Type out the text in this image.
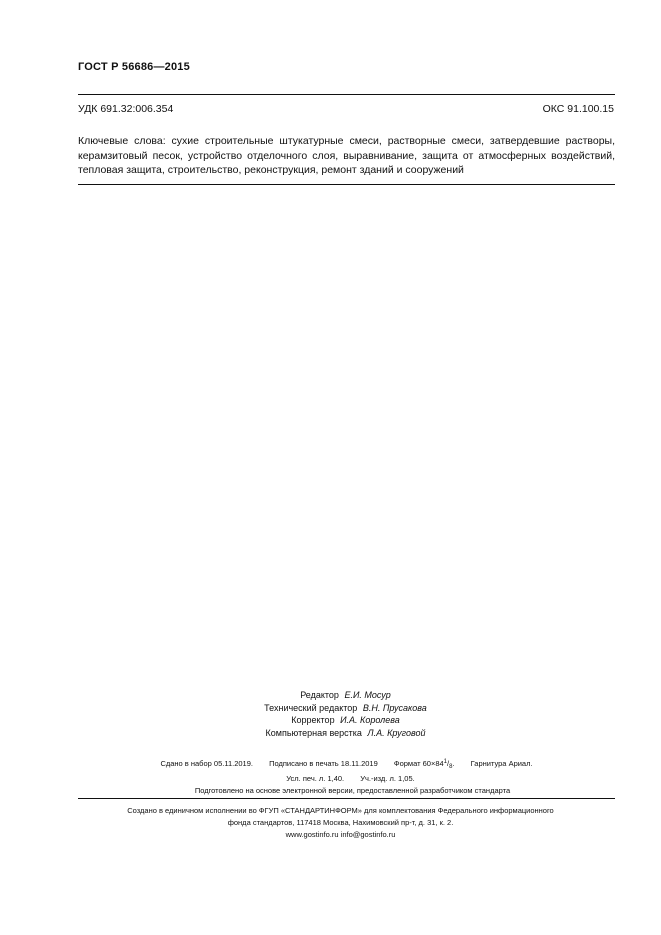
ГОСТ Р 56686—2015
УДК 691.32:006.354	ОКС 91.100.15
Ключевые слова: сухие строительные штукатурные смеси, растворные смеси, затвердевшие растворы, керамзитовый песок, устройство отделочного слоя, выравнивание, защита от атмосферных воздействий, тепловая защита, строительство, реконструкция, ремонт зданий и сооружений
Редактор Е.И. Мосур
Технический редактор В.Н. Прусакова
Корректор И.А. Королева
Компьютерная верстка Л.А. Круговой
Сдано в набор 05.11.2019. Подписано в печать 18.11.2019 Формат $60\times 84^1/_8$. Гарнитура Ариал.
Усл. печ. л. 1,40. Уч.-изд. л. 1,05.
Подготовлено на основе электронной версии, предоставленной разработчиком стандарта
Создано в единичном исполнении во ФГУП «СТАНДАРТИНФОРМ» для комплектования Федерального информационного
фонда стандартов, 117418 Москва, Нахимовский пр-т, д. 31, к. 2.
www.gostinfo.ru info@gostinfo.ru
